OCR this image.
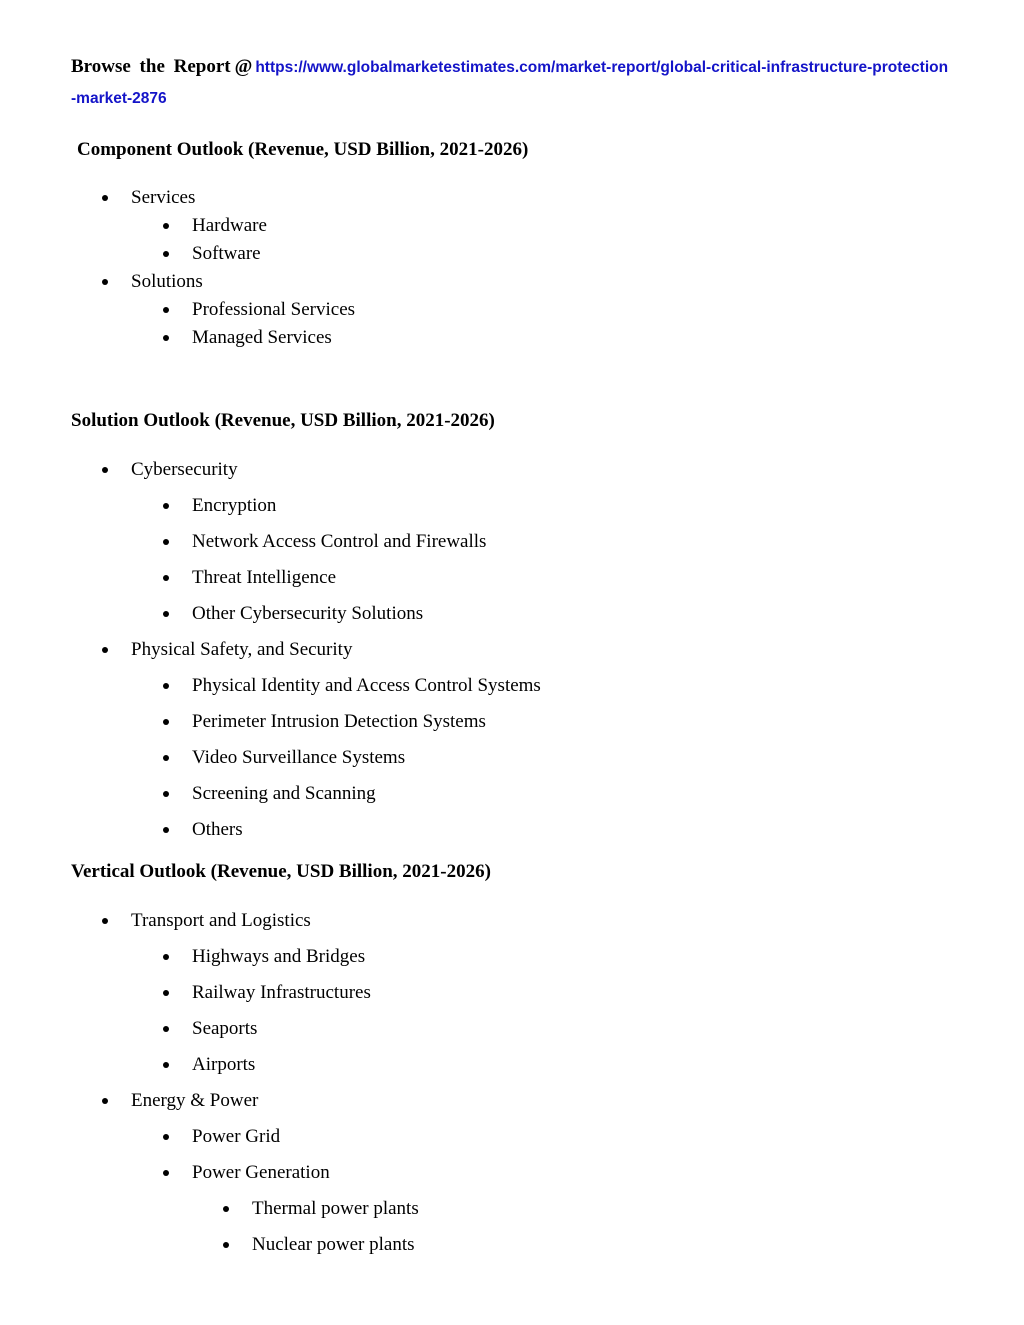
Browse the Report @ https://www.globalmarketestimates.com/market-report/global-critical-infrastructure-protection-market-2876
Component Outlook (Revenue, USD Billion, 2021-2026)
Services
Hardware
Software
Solutions
Professional Services
Managed Services
Solution Outlook (Revenue, USD Billion, 2021-2026)
Cybersecurity
Encryption
Network Access Control and Firewalls
Threat Intelligence
Other Cybersecurity Solutions
Physical Safety, and Security
Physical Identity and Access Control Systems
Perimeter Intrusion Detection Systems
Video Surveillance Systems
Screening and Scanning
Others
Vertical Outlook (Revenue, USD Billion, 2021-2026)
Transport and Logistics
Highways and Bridges
Railway Infrastructures
Seaports
Airports
Energy & Power
Power Grid
Power Generation
Thermal power plants
Nuclear power plants
